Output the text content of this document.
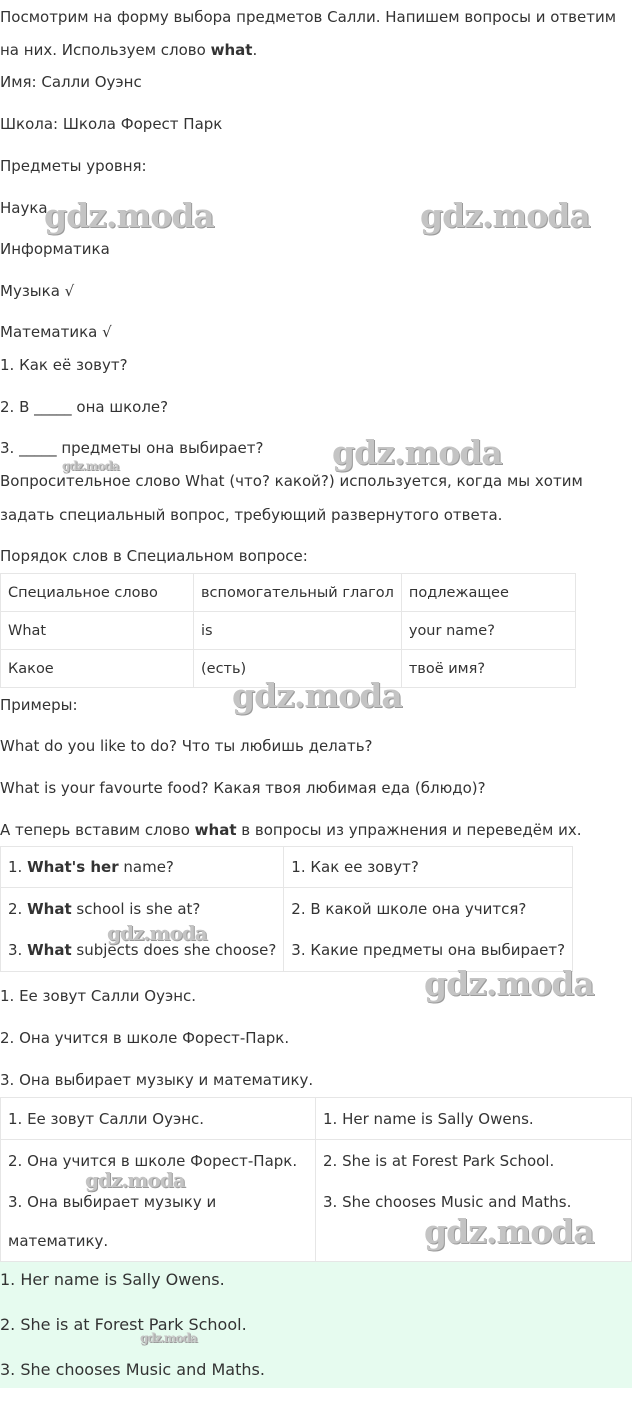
Посмотрим на форму выбора предметов Салли. Напишем вопросы и ответим
на них. Используем слово what.
Имя: Салли Оуэнс
Школа: Школа Форест Парк
Предметы уровня:
Наука
Информатика
Музыка √
Математика √
1. Как её зовут?
2. В _____ она школе?
3. _____ предметы она выбирает?
Вопросительное слово What (что? какой?) используется, когда мы хотим
задать специальный вопрос, требующий развернутого ответа.
Порядок слов в Специальном вопросе:
Специальное слово	вспомогательный глагол	подлежащее
What	is	your name?
Какое	(есть)	твоё имя?
Примеры:
What do you like to do? Что ты любишь делать?
What is your favourte food? Какая твоя любимая еда (блюдо)?
А теперь вставим слово what в вопросы из упражнения и переведём их.
1. What's her name?	1. Как ее зовут?
2. What school is she at?	2. В какой школе она учится?
3. What subjects does she choose?	3. Какие предметы она выбирает?
1. Ее зовут Салли Оуэнс.
2. Она учится в школе Форест-Парк.
3. Она выбирает музыку и математику.
1. Ее зовут Салли Оуэнс.	1. Her name is Sally Owens.
2. Она учится в школе Форест-Парк.	2. She is at Forest Park School.
3. Она выбирает музыку и	3. She chooses Music and Maths.
математику.	
1. Her name is Sally Owens.
2. She is at Forest Park School.
3. She chooses Music and Maths.
gdz.moda	gdz.moda
gdz.moda
gdz.moda
gdz.moda
gdz.moda
gdz.moda
gdz.moda
gdz.moda
gdz.moda
